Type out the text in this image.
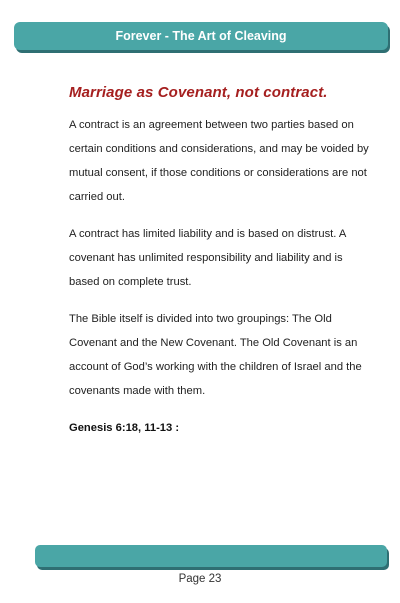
Forever - The Art of Cleaving
Marriage as Covenant, not contract.

A contract is an agreement between two parties based on certain conditions and considerations, and may be voided by mutual consent, if those conditions or considerations are not carried out.

A contract has limited liability and is based on distrust. A covenant has unlimited responsibility and liability and is based on complete trust.

The Bible itself is divided into two groupings: The Old Covenant and the New Covenant. The Old Covenant is an account of God’s working with the children of Israel and the covenants made with them.

Genesis 6:18, 11-13 :

Page 23
